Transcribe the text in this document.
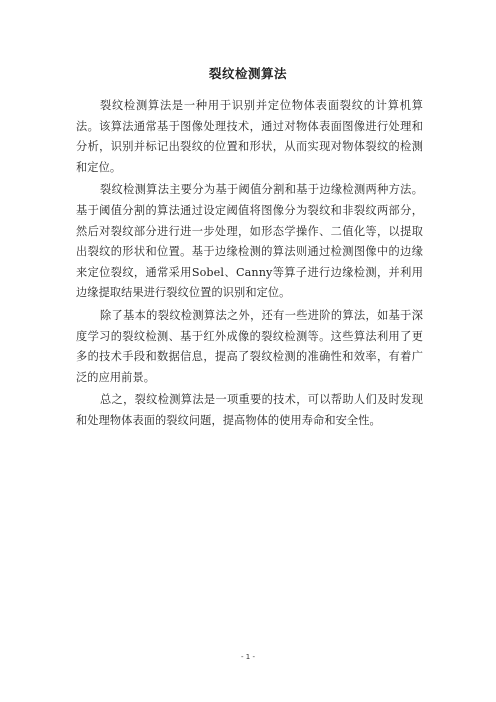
裂纹检测算法

裂纹检测算法是一种用于识别并定位物体表面裂纹的计算机算法。该算法通常基于图像处理技术，通过对物体表面图像进行处理和分析，识别并标记出裂纹的位置和形状，从而实现对物体裂纹的检测和定位。

裂纹检测算法主要分为基于阈值分割和基于边缘检测两种方法。基于阈值分割的算法通过设定阈值将图像分为裂纹和非裂纹两部分，然后对裂纹部分进行进一步处理，如形态学操作、二值化等，以提取出裂纹的形状和位置。基于边缘检测的算法则通过检测图像中的边缘来定位裂纹，通常采用Sobel、Canny等算子进行边缘检测，并利用边缘提取结果进行裂纹位置的识别和定位。

除了基本的裂纹检测算法之外，还有一些进阶的算法，如基于深度学习的裂纹检测、基于红外成像的裂纹检测等。这些算法利用了更多的技术手段和数据信息，提高了裂纹检测的准确性和效率，有着广泛的应用前景。

总之，裂纹检测算法是一项重要的技术，可以帮助人们及时发现和处理物体表面的裂纹问题，提高物体的使用寿命和安全性。

- 1 -
